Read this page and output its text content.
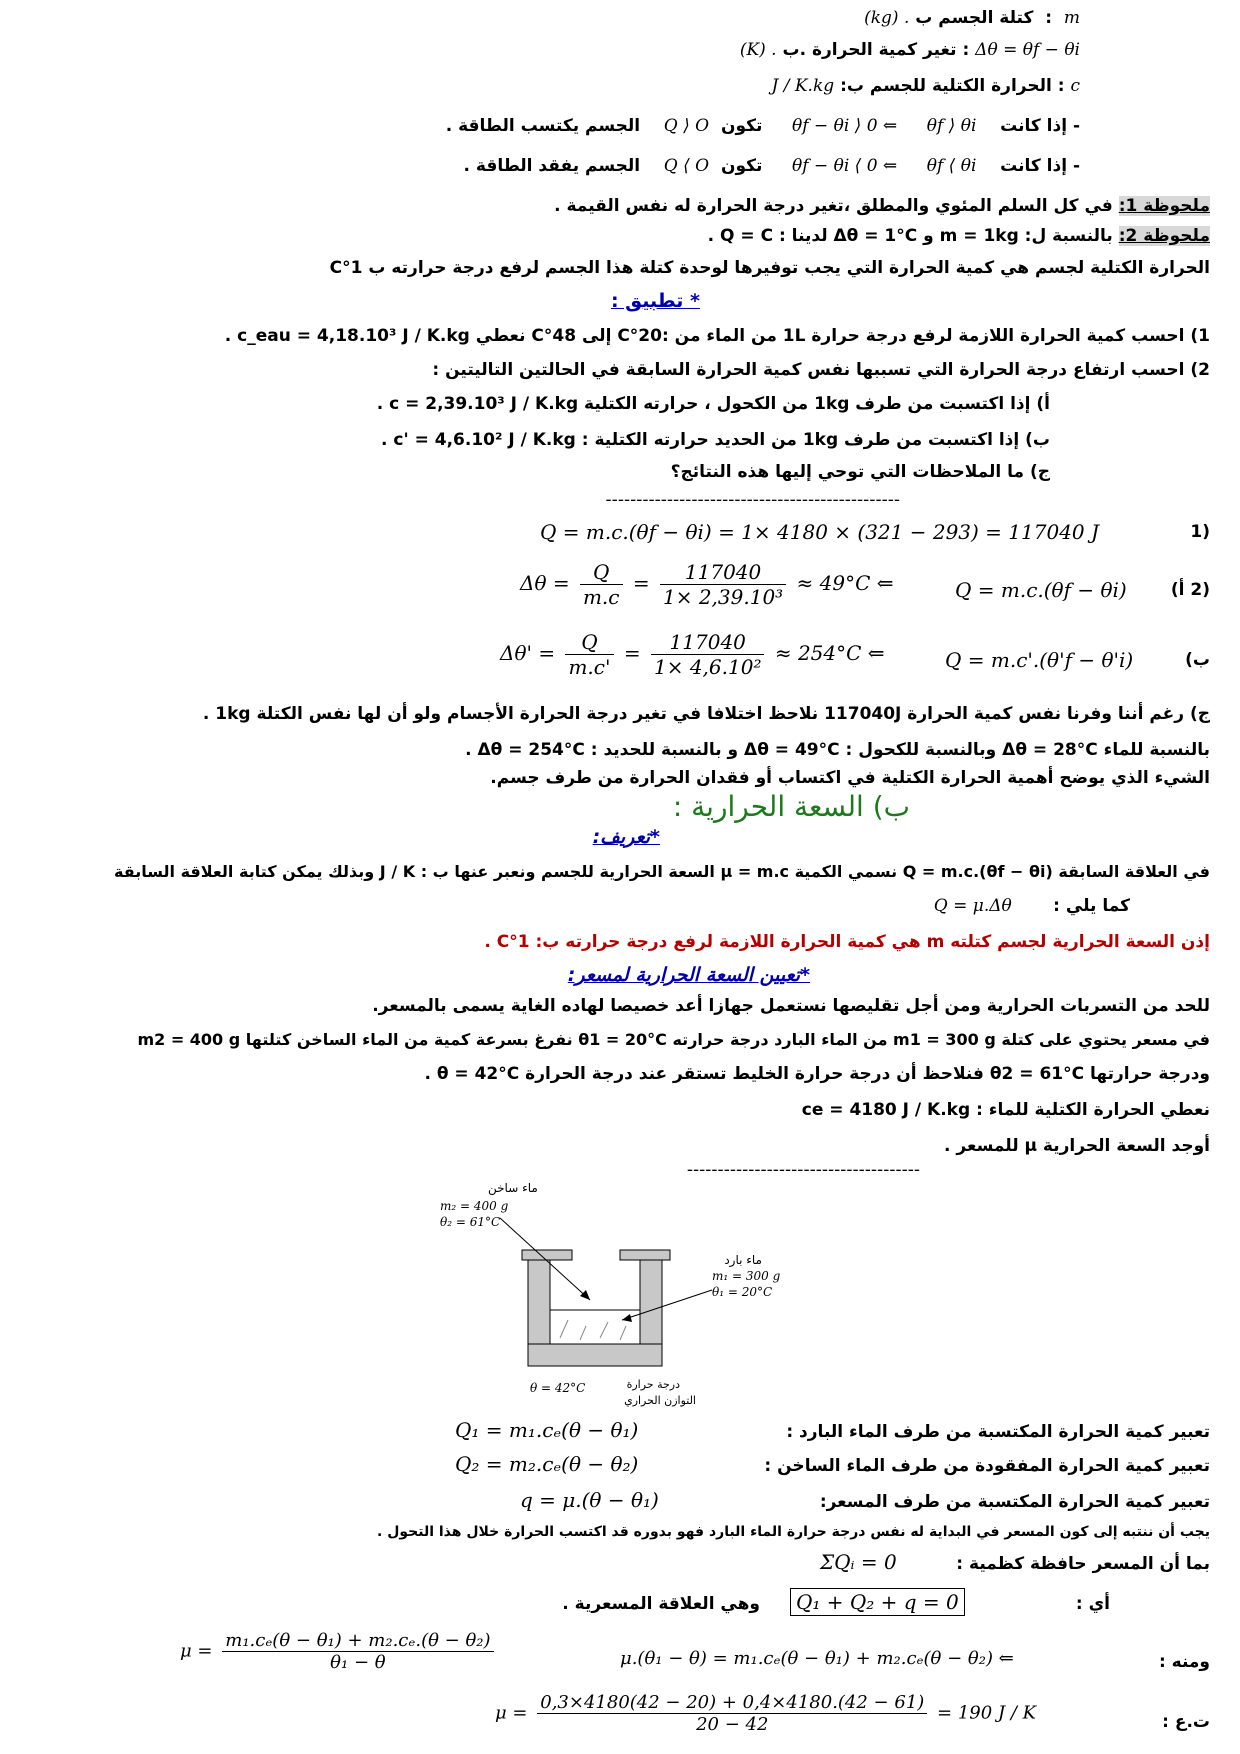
m  :  كتلة الجسم ب (kg) .
Δθ = θf − θi : تغير كمية الحرارة .ب (K) .
c : الحرارة الكتلية للجسم ب: J / K.kg
- إذا كانت    θf ⟩ θi     θf − θi ⟩ 0 ⇐     تكون  Q ⟩ O    الجسم يكتسب الطاقة .
- إذا كانت    θf ⟨ θi     θf − θi ⟨ 0 ⇐     تكون  Q ⟨ O    الجسم يفقد الطاقة .
ملحوظة 1: في كل السلم المئوي والمطلق ،تغير درجة الحرارة له نفس القيمة .
ملحوظة 2: بالنسبة ل: m = 1kg و Δθ = 1°C لدينا : Q = C .
الحرارة الكتلية لجسم هي كمية الحرارة التي يجب توفيرها لوحدة كتلة هذا الجسم لرفع درجة حرارته ب 1°C
* تطبيق :
1) احسب كمية الحرارة اللازمة لرفع درجة حرارة 1L من الماء من :20°C إلى 48°C نعطي c_eau = 4,18.10³ J / K.kg .
2) احسب ارتفاع درجة الحرارة التي تسببها نفس كمية الحرارة السابقة في الحالتين التاليتين :
أ) إذا اكتسبت من طرف 1kg من الكحول ، حرارته الكتلية c = 2,39.10³ J / K.kg .
ب) إذا اكتسبت من طرف 1kg من الحديد حرارته الكتلية : c' = 4,6.10² J / K.kg .
ج) ما الملاحظات التي توحي إليها هذه النتائج؟
------------------------------------------------
(1
Q = m.c.(θf − θi) = 1× 4180 × (321 − 293) = 117040 J
(2 أ)
Q = m.c.(θf − θi)
$\Delta\theta = \frac{Q}{m.c} = \frac{117040}{\text{1× 2,39.10³}} \approx 49^\circ C$ ⇐
ب)
Q = m.c'.(θ'f − θ'i)
$\Delta\theta' = \frac{Q}{m.c'} = \frac{117040}{\text{1× 4,6.10²}} \approx 254^\circ C$ ⇐
ج) رغم أننا وفرنا نفس كمية الحرارة 117040J نلاحظ اختلافا في تغير درجة الحرارة الأجسام ولو أن لها نفس الكتلة 1kg .
بالنسبة للماء Δθ = 28°C وبالنسبة للكحول : Δθ = 49°C و بالنسبة للحديد : Δθ = 254°C .
الشيء الذي يوضح أهمية الحرارة الكتلية في اكتساب أو فقدان الحرارة من طرف جسم.
ب) السعة الحرارية :
*تعريف:
في العلاقة السابقة Q = m.c.(θf − θi) نسمي الكمية μ = m.c السعة الحرارية للجسم ونعبر عنها ب : J / K وبذلك يمكن كتابة العلاقة السابقة
كما يلي :       Q = μ.Δθ
إذن السعة الحرارية لجسم كتلته m هي كمية الحرارة اللازمة لرفع درجة حرارته ب: 1°C .
*تعيين السعة الحرارية لمسعر:
للحد من التسربات الحرارية ومن أجل تقليصها نستعمل جهازا أعد خصيصا لهاده الغاية يسمى بالمسعر.
في مسعر يحتوي على كتلة m1 = 300 g من الماء البارد درجة حرارته θ1 = 20°C نفرغ بسرعة كمية من الماء الساخن كتلتها m2 = 400 g
ودرجة حرارتها θ2 = 61°C فنلاحظ أن درجة حرارة الخليط تستقر عند درجة الحرارة θ = 42°C .
نعطي الحرارة الكتلية للماء : ce = 4180 J / K.kg
أوجد السعة الحرارية μ للمسعر .
--------------------------------------
ماء ساخن
m₂ = 400 g
θ₂ = 61°C
ماء بارد
m₁ = 300 g
θ₁ = 20°C
θ = 42°C	درجة حرارة
التوازن الحراري
تعبير كمية الحرارة المكتسبة من طرف الماء البارد :
Q₁ = m₁.cₑ(θ − θ₁)
تعبير كمية الحرارة المفقودة من طرف الماء الساخن :
Q₂ = m₂.cₑ(θ − θ₂)
تعبير كمية الحرارة المكتسبة من طرف المسعر:
q = μ.(θ − θ₁)
يجب أن ننتبه إلى كون المسعر في البداية له نفس درجة حرارة الماء البارد فهو بدوره قد اكتسب الحرارة خلال هذا التحول .
بما أن المسعر حافظة كظمية :
ΣQᵢ = 0
أي :
Q₁ + Q₂ + q = 0
وهي العلاقة المسعرية .
ومنه :
μ.(θ₁ − θ) = m₁.cₑ(θ − θ₁) + m₂.cₑ(θ − θ₂) ⇐
$\mu = \frac{\text{m₁.cₑ(θ − θ₁) + m₂.cₑ.(θ − θ₂)}}{\text{θ₁ − θ}}$
ت.ع :
$\mu = \frac{0,3\times 4180(42 - 20) + 0,4\times 4180.(42 - 61)}{20 - 42} = 190$ J / K
